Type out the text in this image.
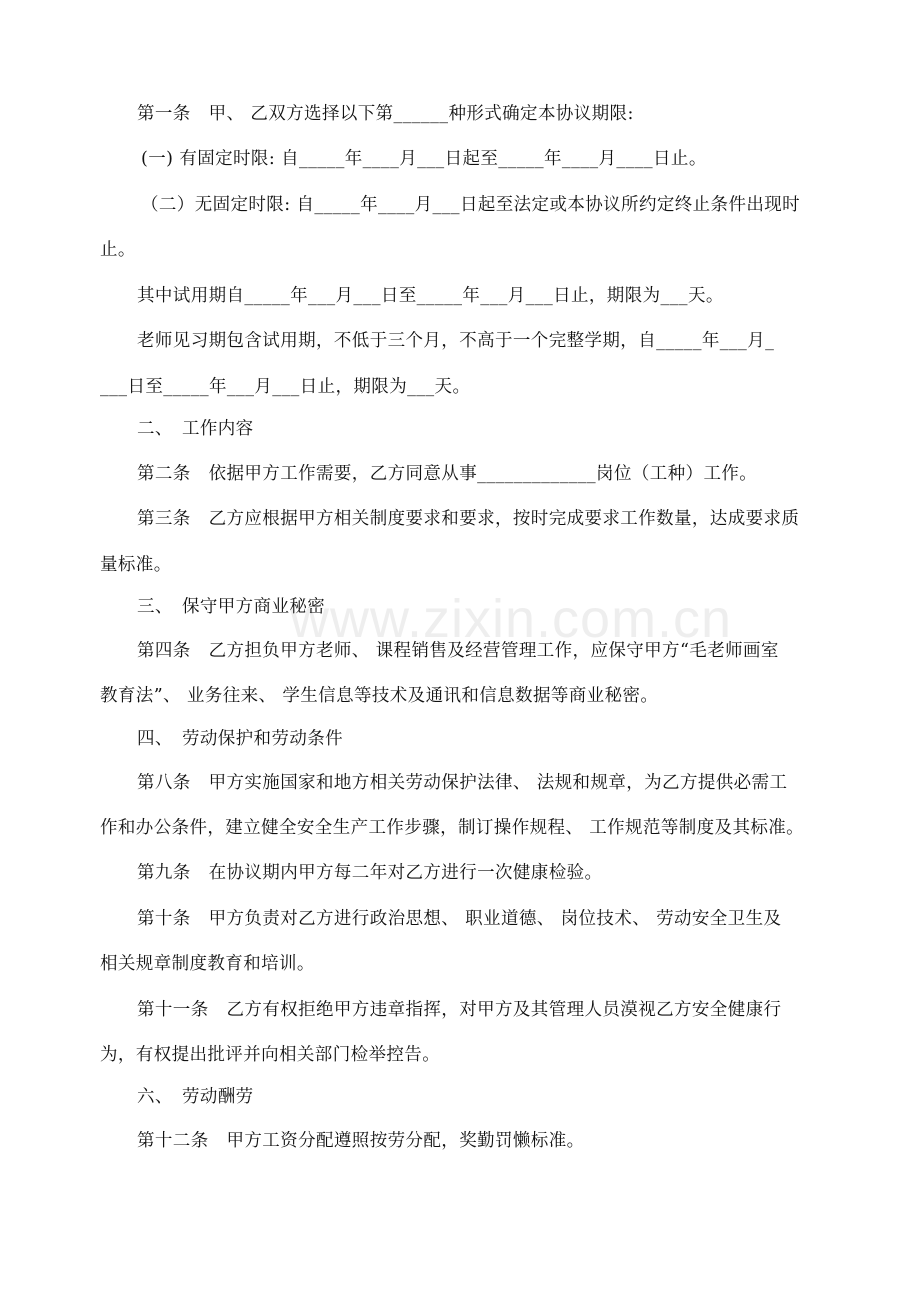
www.zixin.com.cn
第一条　甲、 乙双方选择以下第______种形式确定本协议期限:
(一) 有固定时限: 自_____年____月___日起至_____年____月____日止。
（二）无固定时限: 自_____年____月___日起至法定或本协议所约定终止条件出现时
止。
其中试用期自_____年___月___日至_____年___月___日止，期限为___天。
老师见习期包含试用期，不低于三个月，不高于一个完整学期，自_____年___月_
___日至_____年___月___日止，期限为___天。
二、　工作内容
第二条　依据甲方工作需要，乙方同意从事_____________岗位（工种）工作。
第三条　乙方应根据甲方相关制度要求和要求，按时完成要求工作数量，达成要求质
量标准。
三、　保守甲方商业秘密
第四条　乙方担负甲方老师、 课程销售及经营管理工作，应保守甲方“毛老师画室
教育法”、 业务往来、 学生信息等技术及通讯和信息数据等商业秘密。
四、　劳动保护和劳动条件
第八条　甲方实施国家和地方相关劳动保护法律、 法规和规章，为乙方提供必需工
作和办公条件，建立健全安全生产工作步骤，制订操作规程、 工作规范等制度及其标准。
第九条　在协议期内甲方每二年对乙方进行一次健康检验。
第十条　甲方负责对乙方进行政治思想、 职业道德、 岗位技术、 劳动安全卫生及
相关规章制度教育和培训。
第十一条　乙方有权拒绝甲方违章指挥，对甲方及其管理人员漠视乙方安全健康行
为，有权提出批评并向相关部门检举控告。
六、　劳动酬劳
第十二条　甲方工资分配遵照按劳分配，奖勤罚懒标准。
